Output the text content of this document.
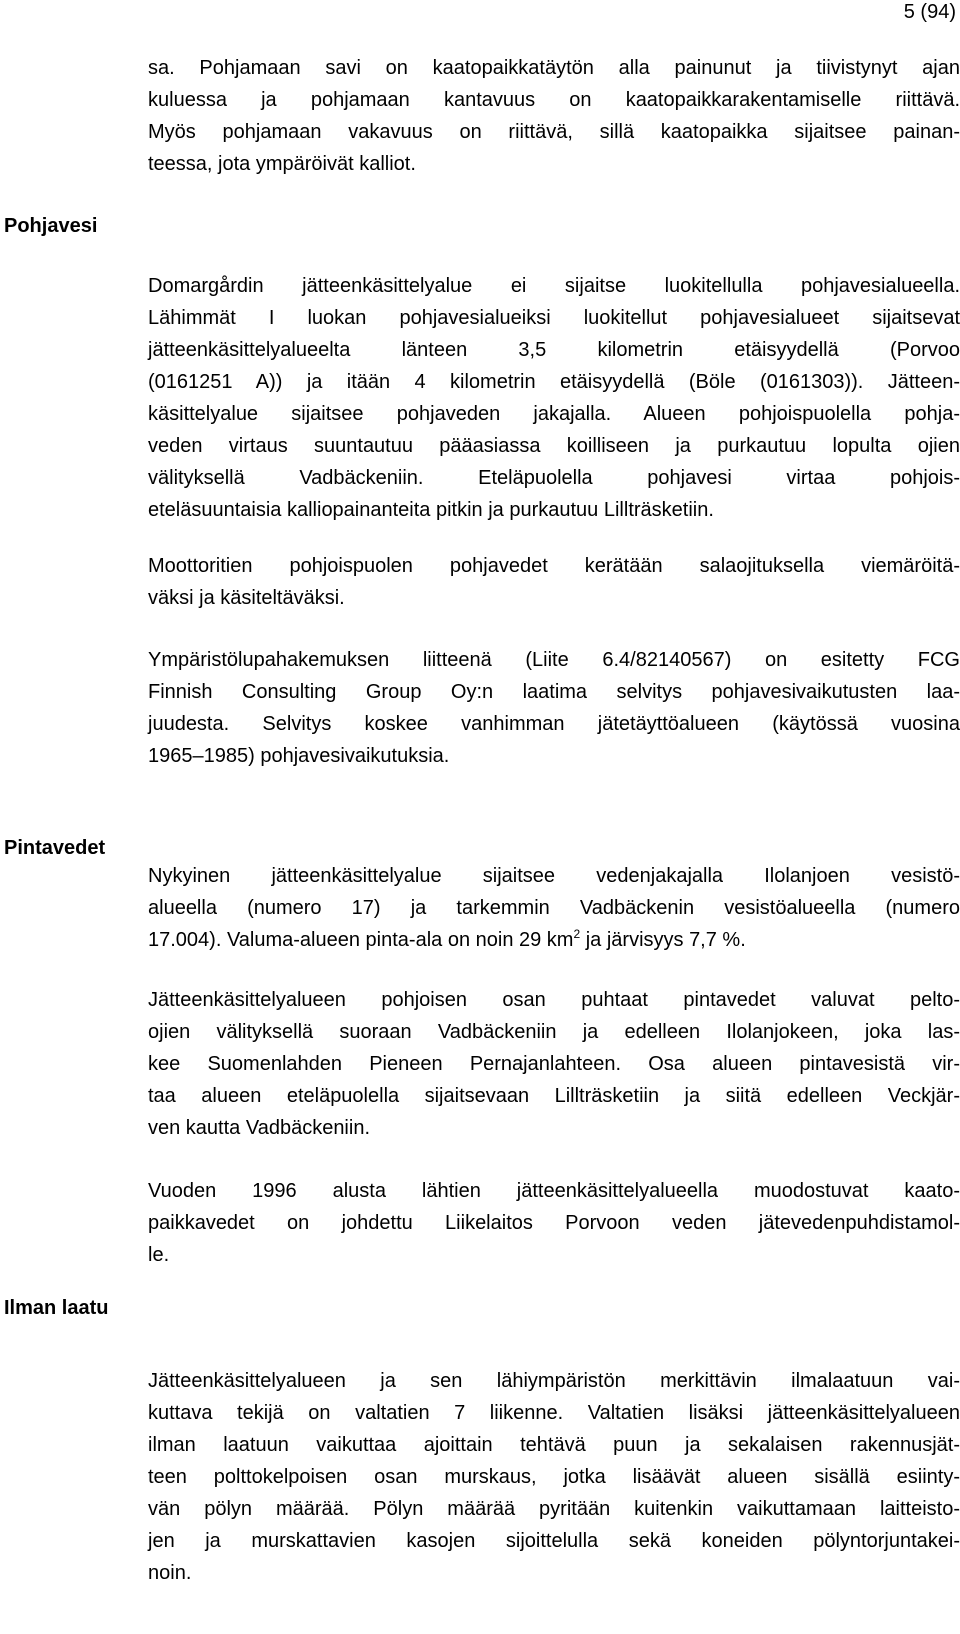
5 (94)

sa. Pohjamaan savi on kaatopaikkatäytön alla painunut ja tiivistynyt ajan
kuluessa ja pohjamaan kantavuus on kaatopaikkarakentamiselle riittävä.
Myös pohjamaan vakavuus on riittävä, sillä kaatopaikka sijaitsee painan-
teessa, jota ympäröivät kalliot.

Pohjavesi

Domargårdin jätteenkäsittelyalue ei sijaitse luokitellulla pohjavesialueella.
Lähimmät I luokan pohjavesialueiksi luokitellut pohjavesialueet sijaitsevat
jätteenkäsittelyalueelta länteen 3,5 kilometrin etäisyydellä (Porvoo
(0161251 A)) ja itään 4 kilometrin etäisyydellä (Böle (0161303)). Jätteen-
käsittelyalue sijaitsee pohjaveden jakajalla. Alueen pohjoispuolella pohja-
veden virtaus suuntautuu pääasiassa koilliseen ja purkautuu lopulta ojien
välityksellä Vadbäckeniin. Eteläpuolella pohjavesi virtaa pohjois-
eteläsuuntaisia kalliopainanteita pitkin ja purkautuu Lillträsketiin.

Moottoritien pohjoispuolen pohjavedet kerätään salaojituksella viemäröitä-
väksi ja käsiteltäväksi.

Ympäristölupahakemuksen liitteenä (Liite 6.4/82140567) on esitetty FCG
Finnish Consulting Group Oy:n laatima selvitys pohjavesivaikutusten laa-
juudesta. Selvitys koskee vanhimman jätetäyttöalueen (käytössä vuosina
1965–1985) pohjavesivaikutuksia.

Pintavedet

Nykyinen jätteenkäsittelyalue sijaitsee vedenjakajalla Ilolanjoen vesistö-
alueella (numero 17) ja tarkemmin Vadbäckenin vesistöalueella (numero
17.004). Valuma-alueen pinta-ala on noin 29 $km^2$ ja järvisyys 7,7 %.

Jätteenkäsittelyalueen pohjoisen osan puhtaat pintavedet valuvat pelto-
ojien välityksellä suoraan Vadbäckeniin ja edelleen Ilolanjokeen, joka las-
kee Suomenlahden Pieneen Pernajanlahteen. Osa alueen pintavesistä vir-
taa alueen eteläpuolella sijaitsevaan Lillträsketiin ja siitä edelleen Veckjär-
ven kautta Vadbäckeniin.

Vuoden 1996 alusta lähtien jätteenkäsittelyalueella muodostuvat kaato-
paikkavedet on johdettu Liikelaitos Porvoon veden jätevedenpuhdistamol-
le.

Ilman laatu

Jätteenkäsittelyalueen ja sen lähiympäristön merkittävin ilmalaatuun vai-
kuttava tekijä on valtatien 7 liikenne. Valtatien lisäksi jätteenkäsittelyalueen
ilman laatuun vaikuttaa ajoittain tehtävä puun ja sekalaisen rakennusjät-
teen polttokelpoisen osan murskaus, jotka lisäävät alueen sisällä esiinty-
vän pölyn määrää. Pölyn määrää pyritään kuitenkin vaikuttamaan laitteisto-
jen ja murskattavien kasojen sijoittelulla sekä koneiden pölyntorjuntakei-
noin.
